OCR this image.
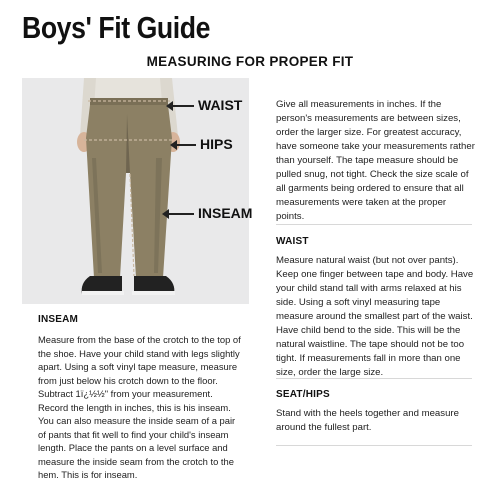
Boys' Fit Guide
MEASURING FOR PROPER FIT
WAIST
HIPS
INSEAM
Give all measurements in inches. If the person's measurements are between sizes, order the larger size. For greatest accuracy, have someone take your measurements rather than yourself. The tape measure should be pulled snug, not tight. Check the size scale of all garments being ordered to ensure that all measurements were taken at the proper points.
WAIST
Measure natural waist (but not over pants). Keep one finger between tape and body. Have your child stand tall with arms relaxed at his side. Using a soft vinyl measuring tape measure around the smallest part of the waist. Have child bend to the side. This will be the natural waistline. The tape should not be too tight. If measurements fall in more than one size, order the large size.
SEAT/HIPS
Stand with the heels together and measure around the fullest part.
INSEAM
Measure from the base of the crotch to the top of the shoe. Have your child stand with legs slightly apart. Using a soft vinyl tape measure, measure from just below his crotch down to the floor. Subtract 1ï¿½½" from your measurement. Record the length in inches, this is his inseam. You can also measure the inside seam of a pair of pants that fit well to find your child's inseam length. Place the pants on a level surface and measure the inside seam from the crotch to the hem. This is for inseam.
